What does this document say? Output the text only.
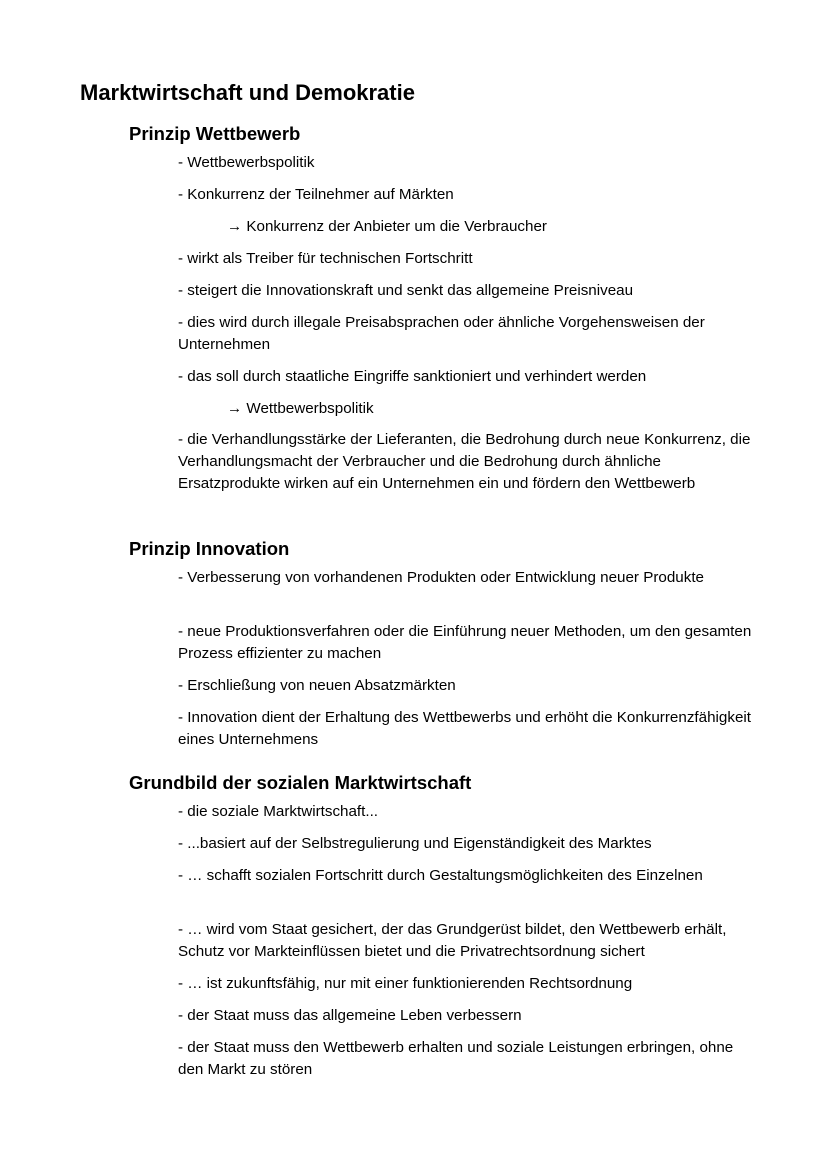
Marktwirtschaft und Demokratie
Prinzip Wettbewerb

- Wettbewerbspolitik

- Konkurrenz der Teilnehmer auf Märkten

→ Konkurrenz der Anbieter um die Verbraucher

- wirkt als Treiber für technischen Fortschritt

- steigert die Innovationskraft und senkt das allgemeine Preisniveau

- dies wird durch illegale Preisabsprachen oder ähnliche Vorgehensweisen der Unternehmen

- das soll durch staatliche Eingriffe sanktioniert und verhindert werden

→ Wettbewerbspolitik

- die Verhandlungsstärke der Lieferanten, die Bedrohung durch neue Konkurrenz, die Verhandlungsmacht der Verbraucher und die Bedrohung durch ähnliche Ersatzprodukte wirken auf ein Unternehmen ein und fördern den Wettbewerb

Prinzip Innovation

- Verbesserung von vorhandenen Produkten oder Entwicklung neuer Produkte

- neue Produktionsverfahren oder die Einführung neuer Methoden, um den gesamten Prozess effizienter zu machen

- Erschließung von neuen Absatzmärkten

- Innovation dient der Erhaltung des Wettbewerbs und erhöht die Konkurrenzfähigkeit eines Unternehmens

Grundbild der sozialen Marktwirtschaft

- die soziale Marktwirtschaft...

- ...basiert auf der Selbstregulierung und Eigenständigkeit des Marktes

- … schafft sozialen Fortschritt durch Gestaltungsmöglichkeiten des Einzelnen

- … wird vom Staat gesichert, der das Grundgerüst bildet, den Wettbewerb erhält, Schutz vor Markteinflüssen bietet und die Privatrechtsordnung sichert

- … ist zukunftsfähig, nur mit einer funktionierenden Rechtsordnung

- der Staat muss das allgemeine Leben verbessern

- der Staat muss den Wettbewerb erhalten und soziale Leistungen erbringen, ohne den Markt zu stören
